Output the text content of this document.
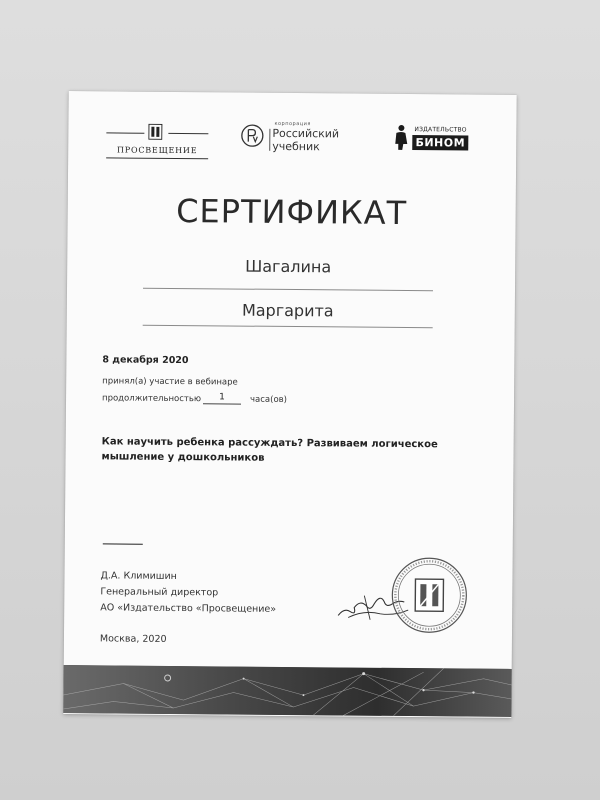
ПРОСВЕЩЕНИЕ
корпорация
Российский
учебник
ИЗДАТЕЛЬСТВО
БИНОМ
СЕРТИФИКАТ
Шагалина
Маргарита
8 декабря 2020
принял(а) участие в вебинаре
продолжительностью	1	часа(ов)
Как научить ребенка рассуждать? Развиваем логическое мышление у дошкольников
Д.А. Климишин
Генеральный директор
АО «Издательство «Просвещение»
Москва, 2020
